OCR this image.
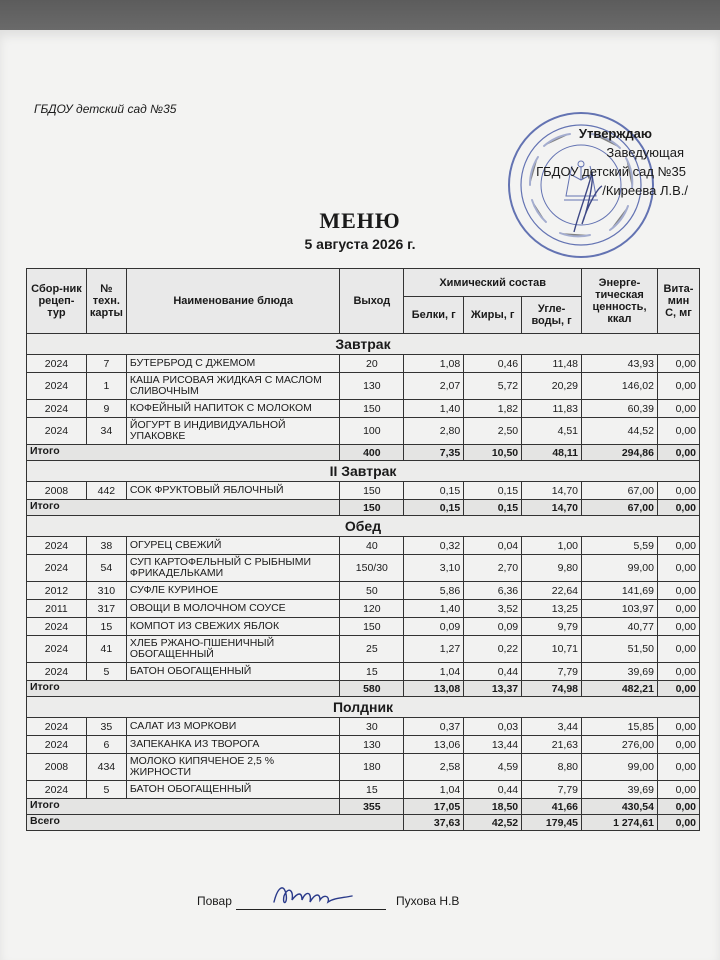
ГБДОУ детский сад №35
Утверждаю
Заведующая
ГБДОУ детский сад №35
/Киреева Л.В./
МЕНЮ
5 августа 2026 г.
Сбор-ник рецеп-тур	№ техн. карты	Наименование блюда	Выход	Химический состав			Энерге-тическая ценность, ккал	Вита-мин С, мг
				Белки, г	Жиры, г	Угле-воды, г		
Завтрак								
2024	7	БУТЕРБРОД С ДЖЕМОМ	20	1,08	0,46	11,48	43,93	0,00
2024	1	КАША РИСОВАЯ ЖИДКАЯ С МАСЛОМ СЛИВОЧНЫМ	130	2,07	5,72	20,29	146,02	0,00
2024	9	КОФЕЙНЫЙ НАПИТОК С МОЛОКОМ	150	1,40	1,82	11,83	60,39	0,00
2024	34	ЙОГУРТ В ИНДИВИДУАЛЬНОЙ УПАКОВКЕ	100	2,80	2,50	4,51	44,52	0,00
Итого			400	7,35	10,50	48,11	294,86	0,00
II Завтрак								
2008	442	СОК ФРУКТОВЫЙ ЯБЛОЧНЫЙ	150	0,15	0,15	14,70	67,00	0,00
Итого			150	0,15	0,15	14,70	67,00	0,00
Обед								
2024	38	ОГУРЕЦ СВЕЖИЙ	40	0,32	0,04	1,00	5,59	0,00
2024	54	СУП КАРТОФЕЛЬНЫЙ С РЫБНЫМИ ФРИКАДЕЛЬКАМИ	150/30	3,10	2,70	9,80	99,00	0,00
2012	310	СУФЛЕ КУРИНОЕ	50	5,86	6,36	22,64	141,69	0,00
2011	317	ОВОЩИ В МОЛОЧНОМ СОУСЕ	120	1,40	3,52	13,25	103,97	0,00
2024	15	КОМПОТ ИЗ СВЕЖИХ ЯБЛОК	150	0,09	0,09	9,79	40,77	0,00
2024	41	ХЛЕБ РЖАНО-ПШЕНИЧНЫЙ ОБОГАЩЕННЫЙ	25	1,27	0,22	10,71	51,50	0,00
2024	5	БАТОН ОБОГАЩЕННЫЙ	15	1,04	0,44	7,79	39,69	0,00
Итого			580	13,08	13,37	74,98	482,21	0,00
Полдник								
2024	35	САЛАТ ИЗ МОРКОВИ	30	0,37	0,03	3,44	15,85	0,00
2024	6	ЗАПЕКАНКА ИЗ ТВОРОГА	130	13,06	13,44	21,63	276,00	0,00
2008	434	МОЛОКО КИПЯЧЕНОЕ 2,5 % ЖИРНОСТИ	180	2,58	4,59	8,80	99,00	0,00
2024	5	БАТОН ОБОГАЩЕННЫЙ	15	1,04	0,44	7,79	39,69	0,00
Итого			355	17,05	18,50	41,66	430,54	0,00
Всего				37,63	42,52	179,45	1 274,61	0,00
Повар	Пухова Н.В
